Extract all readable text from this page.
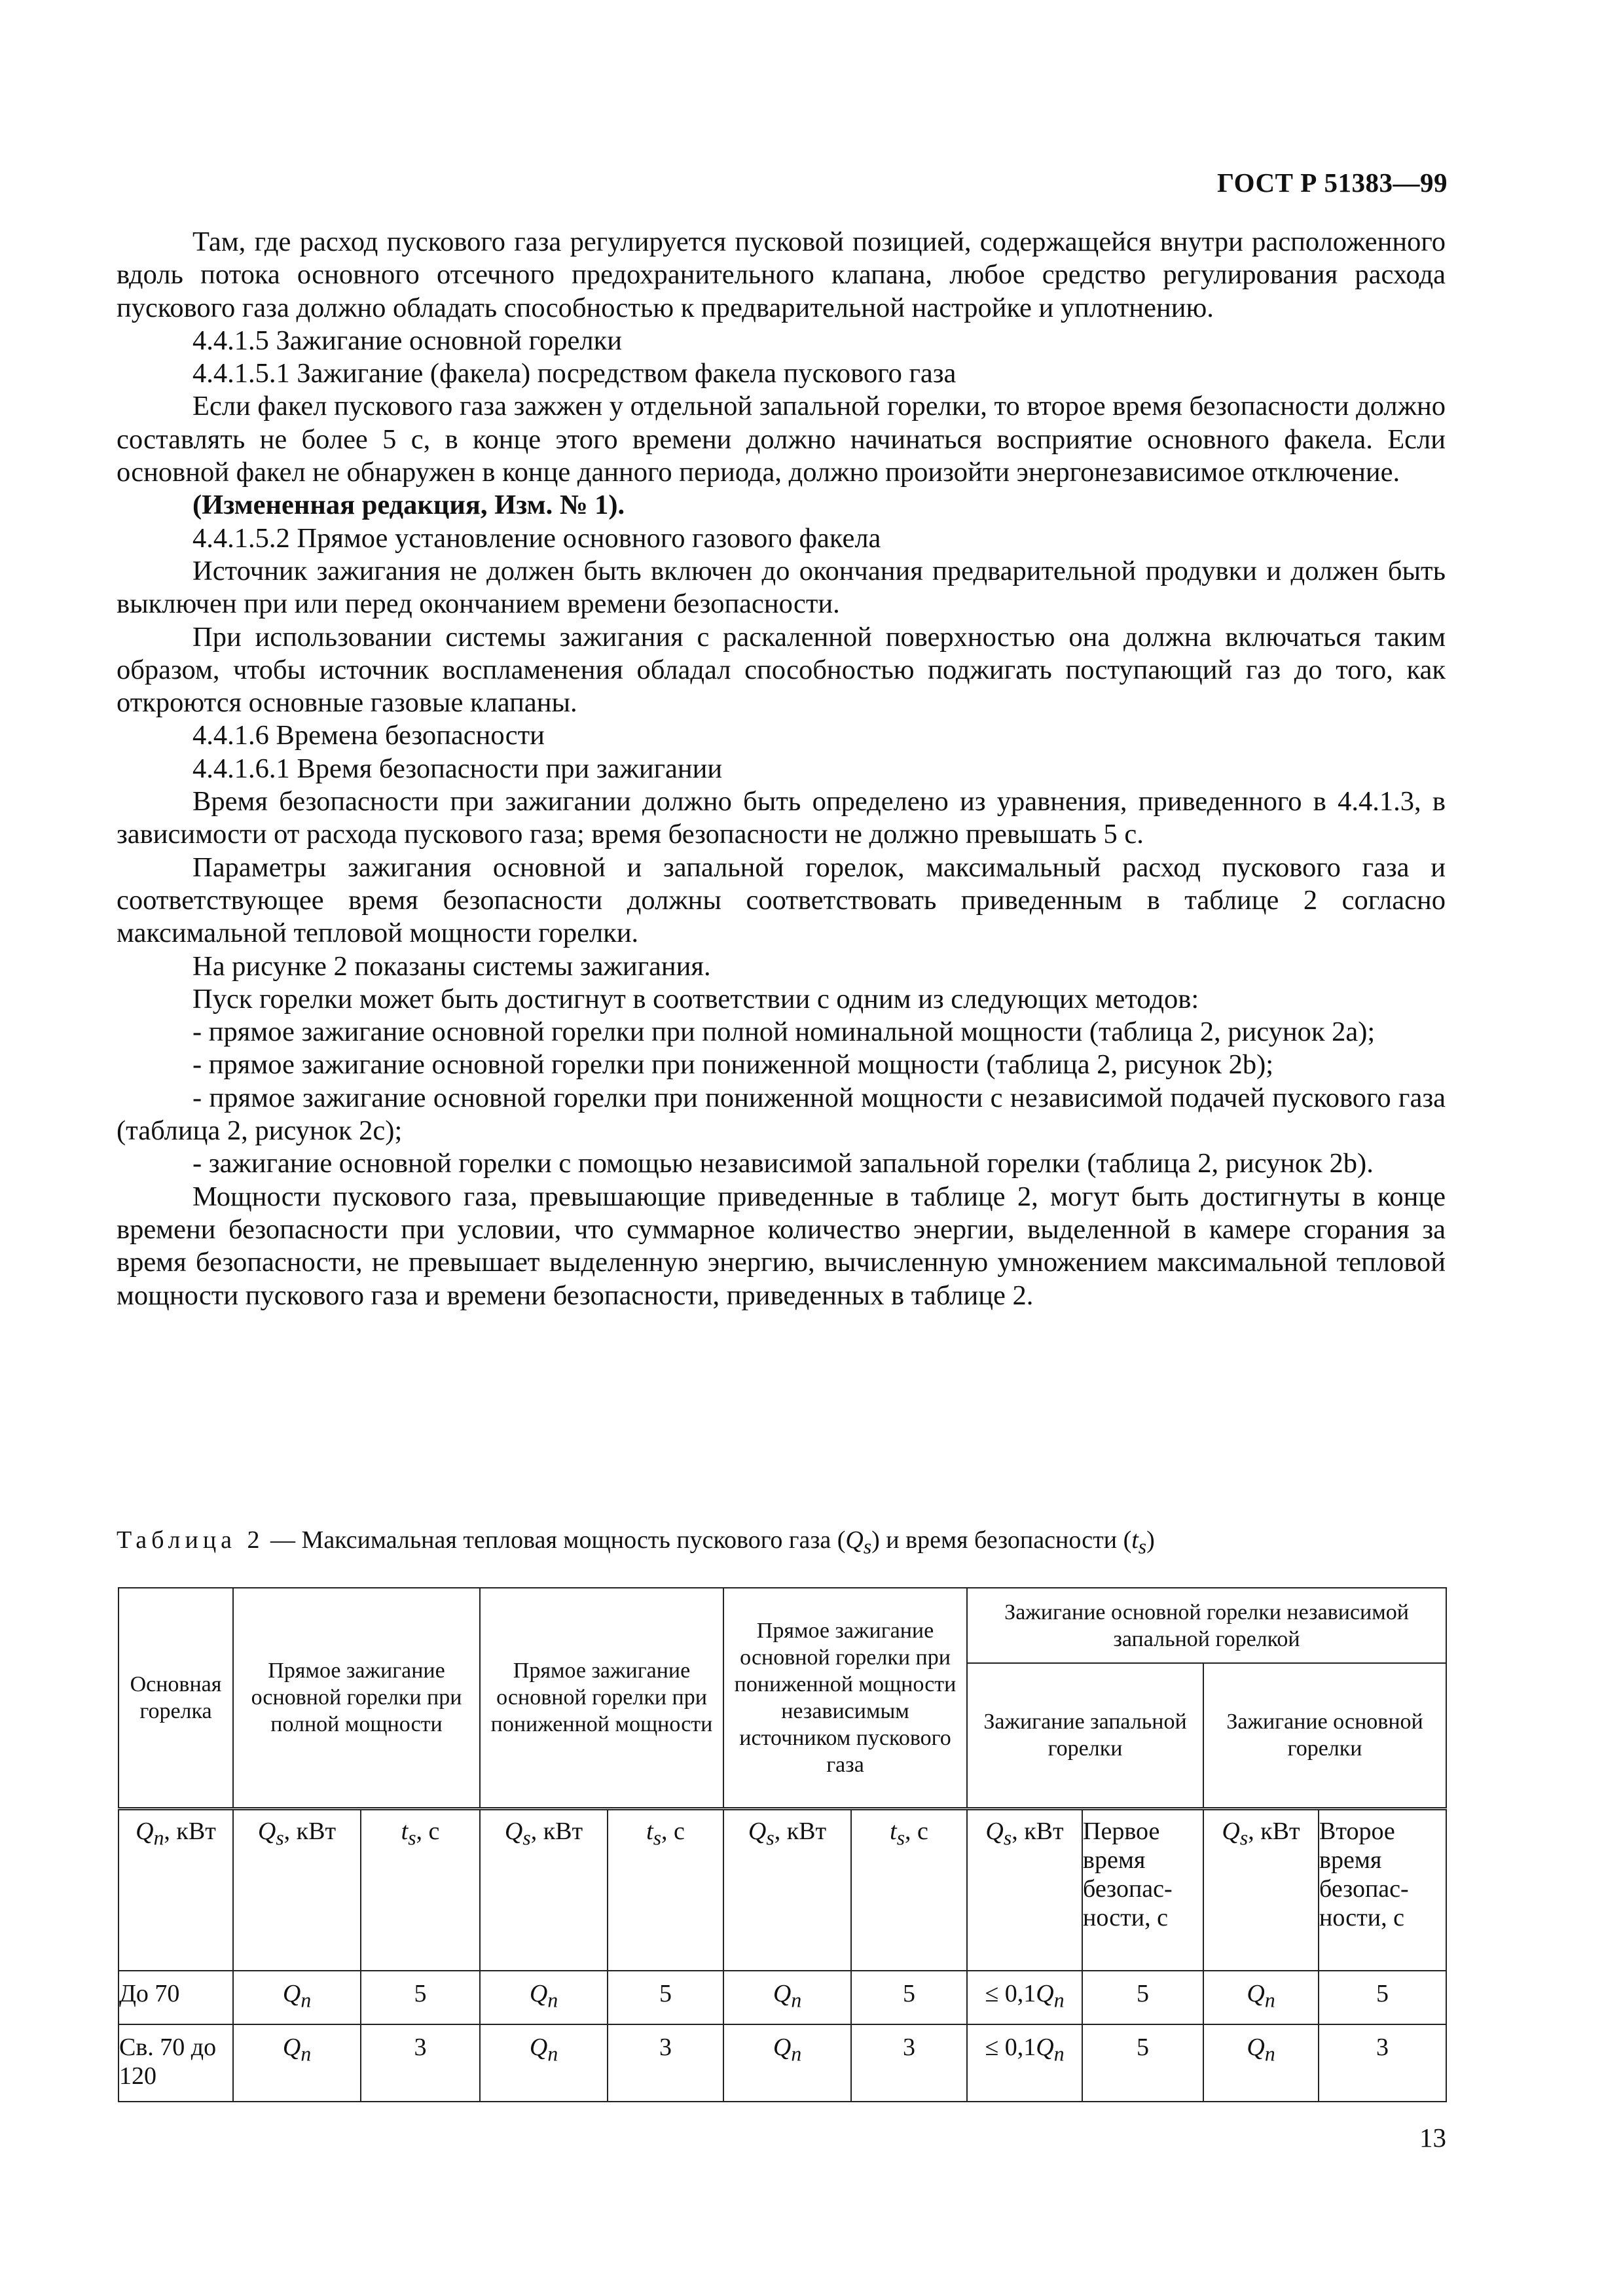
ГОСТ Р 51383—99

Там, где расход пускового газа регулируется пусковой позицией, содержащейся внутри расположенного вдоль потока основного отсечного предохранительного клапана, любое средство регулирования расхода пускового газа должно обладать способностью к предварительной настройке и уплотнению.

4.4.1.5 Зажигание основной горелки

4.4.1.5.1 Зажигание (факела) посредством факела пускового газа

Если факел пускового газа зажжен у отдельной запальной горелки, то второе время безопасности должно составлять не более 5 с, в конце этого времени должно начинаться восприятие основного факела. Если основной факел не обнаружен в конце данного периода, должно произойти энергонезависимое отключение.

(Измененная редакция, Изм. № 1).

4.4.1.5.2 Прямое установление основного газового факела

Источник зажигания не должен быть включен до окончания предварительной продувки и должен быть выключен при или перед окончанием времени безопасности.

При использовании системы зажигания с раскаленной поверхностью она должна включаться таким образом, чтобы источник воспламенения обладал способностью поджигать поступающий газ до того, как откроются основные газовые клапаны.

4.4.1.6 Времена безопасности

4.4.1.6.1 Время безопасности при зажигании

Время безопасности при зажигании должно быть определено из уравнения, приведенного в 4.4.1.3, в зависимости от расхода пускового газа; время безопасности не должно превышать 5 с.

Параметры зажигания основной и запальной горелок, максимальный расход пускового газа и соответствующее время безопасности должны соответствовать приведенным в таблице 2 согласно максимальной тепловой мощности горелки.

На рисунке 2 показаны системы зажигания.

Пуск горелки может быть достигнут в соответствии с одним из следующих методов:

- прямое зажигание основной горелки при полной номинальной мощности (таблица 2, рисунок 2а);

- прямое зажигание основной горелки при пониженной мощности (таблица 2, рисунок 2b);

- прямое зажигание основной горелки при пониженной мощности с независимой подачей пускового газа (таблица 2, рисунок 2с);

- зажигание основной горелки с помощью независимой запальной горелки (таблица 2, рисунок 2b).

Мощности пускового газа, превышающие приведенные в таблице 2, могут быть достигнуты в конце времени безопасности при условии, что суммарное количество энергии, выделенной в камере сгорания за время безопасности, не превышает выделенную энергию, вычисленную умножением максимальной тепловой мощности пускового газа и времени безопасности, приведенных в таблице 2.

Таблица 2 — Максимальная тепловая мощность пускового газа $(Q_s)$ и время безопасности $(t_s)$
Основная горелка	Прямое зажигание основной горелки при полной мощности		Прямое зажигание основной горелки при пониженной мощности		Прямое зажигание основной горелки при пониженной мощности независимым источником пускового газа		Зажигание основной горелки независимой запальной горелкой			
							Зажигание запальной горелки		Зажигание основной горелки	
$Q_n$, кВт	$Q_s$, кВт	$t_s$, с	$Q_s$, кВт	$t_s$, с	$Q_s$, кВт	$t_s$, с	$Q_s$, кВт	Первое время безопас-ности, с	$Q_s$, кВт	Второе время безопас-ности, с
До 70	$Q_n$	5	$Q_n$	5	$Q_n$	5	≤ $0,1Q_n$	5	$Q_n$	5
Св. 70 до 120	$Q_n$	3	$Q_n$	3	$Q_n$	3	≤ $0,1Q_n$	5	$Q_n$	3
13
